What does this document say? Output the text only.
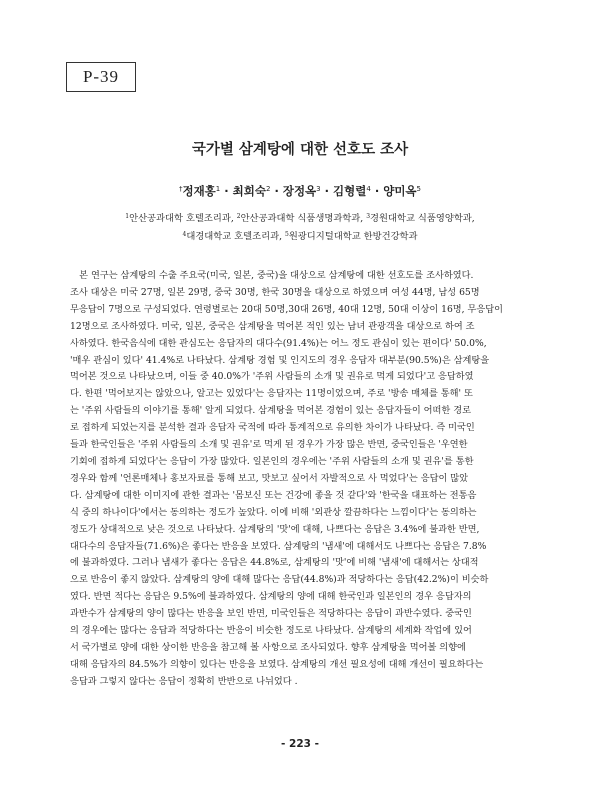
P-39
국가별 삼계탕에 대한 선호도 조사
†정재홍$^1$ · 최희숙$^2$ · 장정옥$^3$ · 김형렬$^4$ · 양미옥$^5$
$^1$안산공과대학 호텔조리과, $^2$안산공과대학 식품생명과학과, $^3$경원대학교 식품영양학과,
$^4$대경대학교 호텔조리과, $^5$원광디지털대학교 한방건강학과
　본 연구는 삼계탕의 수출 주요국(미국, 일본, 중국)을 대상으로 삼계탕에 대한 선호도를 조사하였다.
조사 대상은 미국 27명, 일본 29명, 중국 30명, 한국 30명을 대상으로 하였으며 여성 44명, 남성 65명
무응답이 7명으로 구성되었다. 연령별로는 20대 50명,30대 26명, 40대 12명, 50대 이상이 16명, 무응답이
12명으로 조사하였다. 미국, 일본, 중국은 삼계탕을 먹어본 적인 있는 남녀 관광객을 대상으로 하여 조
사하였다. 한국음식에 대한 관심도는 응답자의 대다수(91.4%)는 어느 정도 관심이 있는 편이다' 50.0%,
'매우 관심이 있다' 41.4%로 나타났다. 삼계탕 경험 및 인지도의 경우 응답자 대부분(90.5%)은 삼계탕을
먹어본 것으로 나타났으며, 이들 중 40.0%가 '주위 사람들의 소개 및 권유로 먹게 되었다'고 응답하였
다. 한편 '먹어보지는 않았으나, 알고는 있었다'는 응답자는 11명이었으며, 주로 '방송 매체를 통해' 또
는 '주위 사람들의 이야기를 통해' 알게 되었다. 삼계탕을 먹어본 경험이 있는 응답자들이 어떠한 경로
로 접하게 되었는지를 분석한 결과 응답자 국적에 따라 통계적으로 유의한 차이가 나타났다. 즉 미국인
들과 한국인들은 '주위 사람들의 소개 및 권유'로 먹게 된 경우가 가장 많은 반면, 중국인들은 '우연한
기회에 접하게 되었다'는 응답이 가장 많았다. 일본인의 경우에는 '주위 사람들의 소개 및 권유'를 통한
경우와 함께 '언론매체나 홍보자료를 통해 보고, 맛보고 싶어서 자발적으로 사 먹었다'는 응답이 많았
다. 삼계탕에 대한 이미지에 관한 결과는 '몸보신 또는 건강에 좋을 것 같다'와 '한국을 대표하는 전통음
식 중의 하나이다'에서는 동의하는 정도가 높았다. 이에 비해 '외관상 깔끔하다는 느낌이다'는 동의하는
정도가 상대적으로 낮은 것으로 나타났다. 삼계탕의 '맛'에 대해, 나쁘다는 응답은 3.4%에 불과한 반면,
대다수의 응답자들(71.6%)은 좋다는 반응을 보였다. 삼계탕의 '냄새'에 대해서도 나쁘다는 응답은 7.8%
에 불과하였다. 그러나 냄새가 좋다는 응답은 44.8%로, 삼계탕의 '맛'에 비해 '냄새'에 대해서는 상대적
으로 반응이 좋지 않았다. 삼계탕의 양에 대해 많다는 응답(44.8%)과 적당하다는 응답(42.2%)이 비슷하
였다. 반면 적다는 응답은 9.5%에 불과하였다. 삼계탕의 양에 대해 한국인과 일본인의 경우 응답자의
과반수가 삼계탕의 양이 많다는 반응을 보인 반면, 미국인들은 적당하다는 응답이 과반수였다. 중국인
의 경우에는 많다는 응답과 적당하다는 반응이 비슷한 정도로 나타났다. 삼계탕의 세계화 작업에 있어
서 국가별로 양에 대한 상이한 반응을 참고해 볼 사항으로 조사되었다. 향후 삼계탕을 먹어볼 의향에
대해 응답자의 84.5%가 의향이 있다는 반응을 보였다. 삼계탕의 개선 필요성에 대해 개선이 필요하다는
응답과 그렇지 않다는 응답이 정확히 반반으로 나뉘었다 .
- 223 -
